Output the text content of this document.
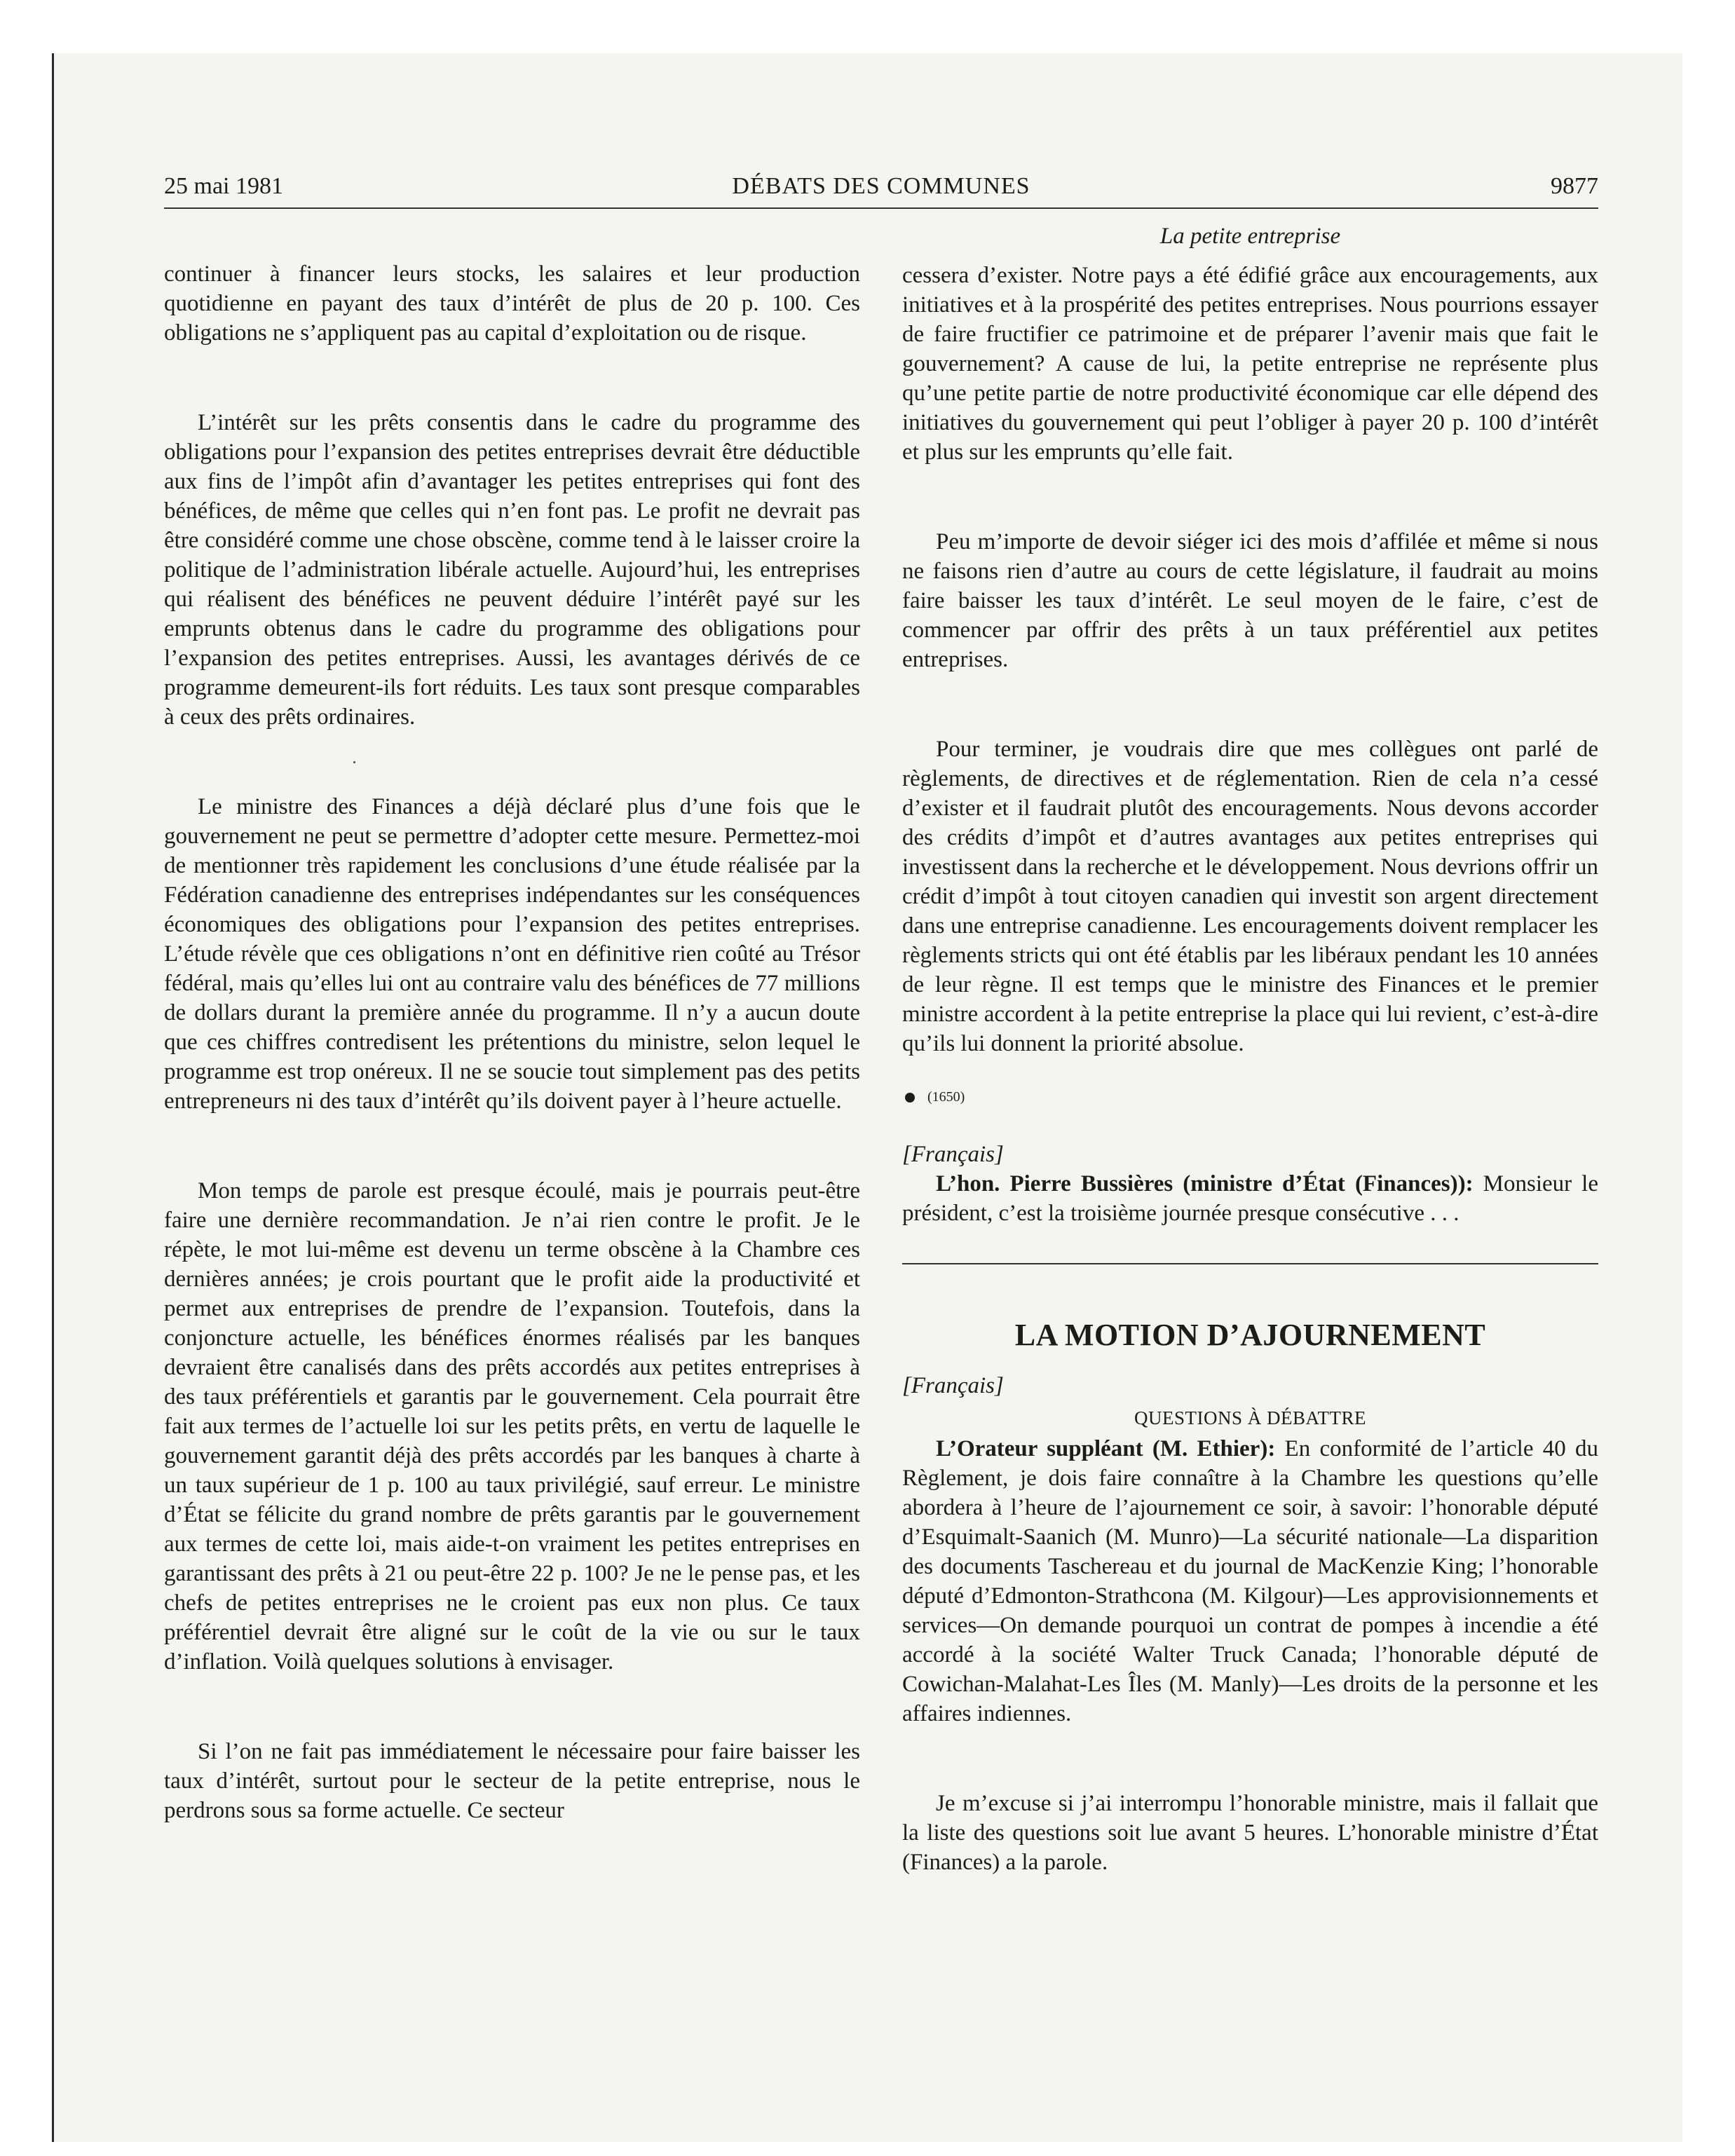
25 mai 1981	DÉBATS DES COMMUNES	9877

continuer à financer leurs stocks, les salaires et leur production quotidienne en payant des taux d’intérêt de plus de 20 p. 100. Ces obligations ne s’appliquent pas au capital d’exploitation ou de risque.

L’intérêt sur les prêts consentis dans le cadre du programme des obligations pour l’expansion des petites entreprises devrait être déductible aux fins de l’impôt afin d’avantager les petites entreprises qui font des bénéfices, de même que celles qui n’en font pas. Le profit ne devrait pas être considéré comme une chose obscène, comme tend à le laisser croire la politique de l’administration libérale actuelle. Aujourd’hui, les entreprises qui réalisent des bénéfices ne peuvent déduire l’intérêt payé sur les emprunts obtenus dans le cadre du programme des obligations pour l’expansion des petites entreprises. Aussi, les avantages dérivés de ce programme demeurent-ils fort réduits. Les taux sont presque comparables à ceux des prêts ordinaires.

Le ministre des Finances a déjà déclaré plus d’une fois que le gouvernement ne peut se permettre d’adopter cette mesure. Permettez-moi de mentionner très rapidement les conclusions d’une étude réalisée par la Fédération canadienne des entreprises indépendantes sur les conséquences économiques des obligations pour l’expansion des petites entreprises. L’étude révèle que ces obligations n’ont en définitive rien coûté au Trésor fédéral, mais qu’elles lui ont au contraire valu des bénéfices de 77 millions de dollars durant la première année du programme. Il n’y a aucun doute que ces chiffres contredisent les prétentions du ministre, selon lequel le programme est trop onéreux. Il ne se soucie tout simplement pas des petits entrepreneurs ni des taux d’intérêt qu’ils doivent payer à l’heure actuelle.

Mon temps de parole est presque écoulé, mais je pourrais peut-être faire une dernière recommandation. Je n’ai rien contre le profit. Je le répète, le mot lui-même est devenu un terme obscène à la Chambre ces dernières années; je crois pourtant que le profit aide la productivité et permet aux entreprises de prendre de l’expansion. Toutefois, dans la conjoncture actuelle, les bénéfices énormes réalisés par les banques devraient être canalisés dans des prêts accordés aux petites entreprises à des taux préférentiels et garantis par le gouvernement. Cela pourrait être fait aux termes de l’actuelle loi sur les petits prêts, en vertu de laquelle le gouvernement garantit déjà des prêts accordés par les banques à charte à un taux supérieur de 1 p. 100 au taux privilégié, sauf erreur. Le ministre d’État se félicite du grand nombre de prêts garantis par le gouvernement aux termes de cette loi, mais aide-t-on vraiment les petites entreprises en garantissant des prêts à 21 ou peut-être 22 p. 100? Je ne le pense pas, et les chefs de petites entreprises ne le croient pas eux non plus. Ce taux préférentiel devrait être aligné sur le coût de la vie ou sur le taux d’inflation. Voilà quelques solutions à envisager.

Si l’on ne fait pas immédiatement le nécessaire pour faire baisser les taux d’intérêt, surtout pour le secteur de la petite entreprise, nous le perdrons sous sa forme actuelle. Ce secteur

La petite entreprise

cessera d’exister. Notre pays a été édifié grâce aux encouragements, aux initiatives et à la prospérité des petites entreprises. Nous pourrions essayer de faire fructifier ce patrimoine et de préparer l’avenir mais que fait le gouvernement? A cause de lui, la petite entreprise ne représente plus qu’une petite partie de notre productivité économique car elle dépend des initiatives du gouvernement qui peut l’obliger à payer 20 p. 100 d’intérêt et plus sur les emprunts qu’elle fait.

Peu m’importe de devoir siéger ici des mois d’affilée et même si nous ne faisons rien d’autre au cours de cette législature, il faudrait au moins faire baisser les taux d’intérêt. Le seul moyen de le faire, c’est de commencer par offrir des prêts à un taux préférentiel aux petites entreprises.

Pour terminer, je voudrais dire que mes collègues ont parlé de règlements, de directives et de réglementation. Rien de cela n’a cessé d’exister et il faudrait plutôt des encouragements. Nous devons accorder des crédits d’impôt et d’autres avantages aux petites entreprises qui investissent dans la recherche et le développement. Nous devrions offrir un crédit d’impôt à tout citoyen canadien qui investit son argent directement dans une entreprise canadienne. Les encouragements doivent remplacer les règlements stricts qui ont été établis par les libéraux pendant les 10 années de leur règne. Il est temps que le ministre des Finances et le premier ministre accordent à la petite entreprise la place qui lui revient, c’est-à-dire qu’ils lui donnent la priorité absolue.

(1650)

[Français]

L’hon. Pierre Bussières (ministre d’État (Finances)): Monsieur le président, c’est la troisième journée presque consécutive . . .

LA MOTION D’AJOURNEMENT

[Français]

QUESTIONS À DÉBATTRE

L’Orateur suppléant (M. Ethier): En conformité de l’article 40 du Règlement, je dois faire connaître à la Chambre les questions qu’elle abordera à l’heure de l’ajournement ce soir, à savoir: l’honorable député d’Esquimalt-Saanich (M. Munro)—La sécurité nationale—La disparition des documents Taschereau et du journal de MacKenzie King; l’honorable député d’Edmonton-Strathcona (M. Kilgour)—Les approvisionnements et services—On demande pourquoi un contrat de pompes à incendie a été accordé à la société Walter Truck Canada; l’honorable député de Cowichan-Malahat-Les Îles (M. Manly)—Les droits de la personne et les affaires indiennes.

Je m’excuse si j’ai interrompu l’honorable ministre, mais il fallait que la liste des questions soit lue avant 5 heures. L’honorable ministre d’État (Finances) a la parole.
